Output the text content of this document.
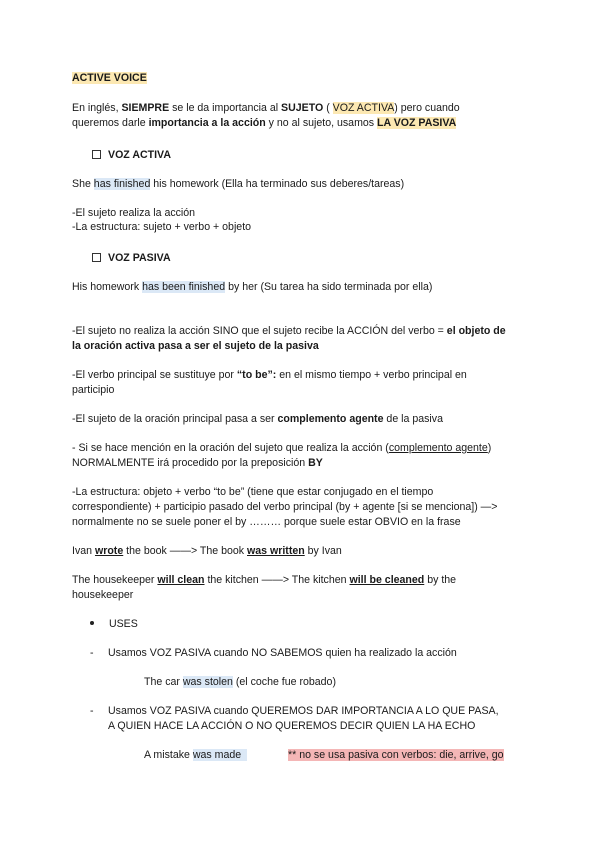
ACTIVE VOICE
En inglés, SIEMPRE se le da importancia al SUJETO ( VOZ ACTIVA) pero cuando
queremos darle importancia a la acción y no al sujeto, usamos LA VOZ PASIVA
VOZ ACTIVA
She has finished his homework (Ella ha terminado sus deberes/tareas)
-El sujeto realiza la acción
-La estructura: sujeto + verbo + objeto
VOZ PASIVA
His homework has been finished by her (Su tarea ha sido terminada por ella)
-El sujeto no realiza la acción SINO que el sujeto recibe la ACCIÓN del verbo = el objeto de
la oración activa pasa a ser el sujeto de la pasiva
-El verbo principal se sustituye por “to be”: en el mismo tiempo + verbo principal en
participio
-El sujeto de la oración principal pasa a ser complemento agente de la pasiva
- Si se hace mención en la oración del sujeto que realiza la acción (complemento agente)
NORMALMENTE irá procedido por la preposición BY
-La estructura: objeto + verbo “to be” (tiene que estar conjugado en el tiempo
correspondiente) + participio pasado del verbo principal (by + agente [si se menciona]) —>
normalmente no se suele poner el by ……… porque suele estar OBVIO en la frase
Ivan wrote the book ——> The book was written by Ivan
The housekeeper will clean the kitchen ——> The kitchen will be cleaned by the
housekeeper
USES
- Usamos VOZ PASIVA cuando NO SABEMOS quien ha realizado la acción
The car was stolen (el coche fue robado)
- Usamos VOZ PASIVA cuando QUEREMOS DAR IMPORTANCIA A LO QUE PASA,
A QUIEN HACE LA ACCIÓN O NO QUEREMOS DECIR QUIEN LA HA ECHO
A mistake was made	** no se usa pasiva con verbos: die, arrive, go
